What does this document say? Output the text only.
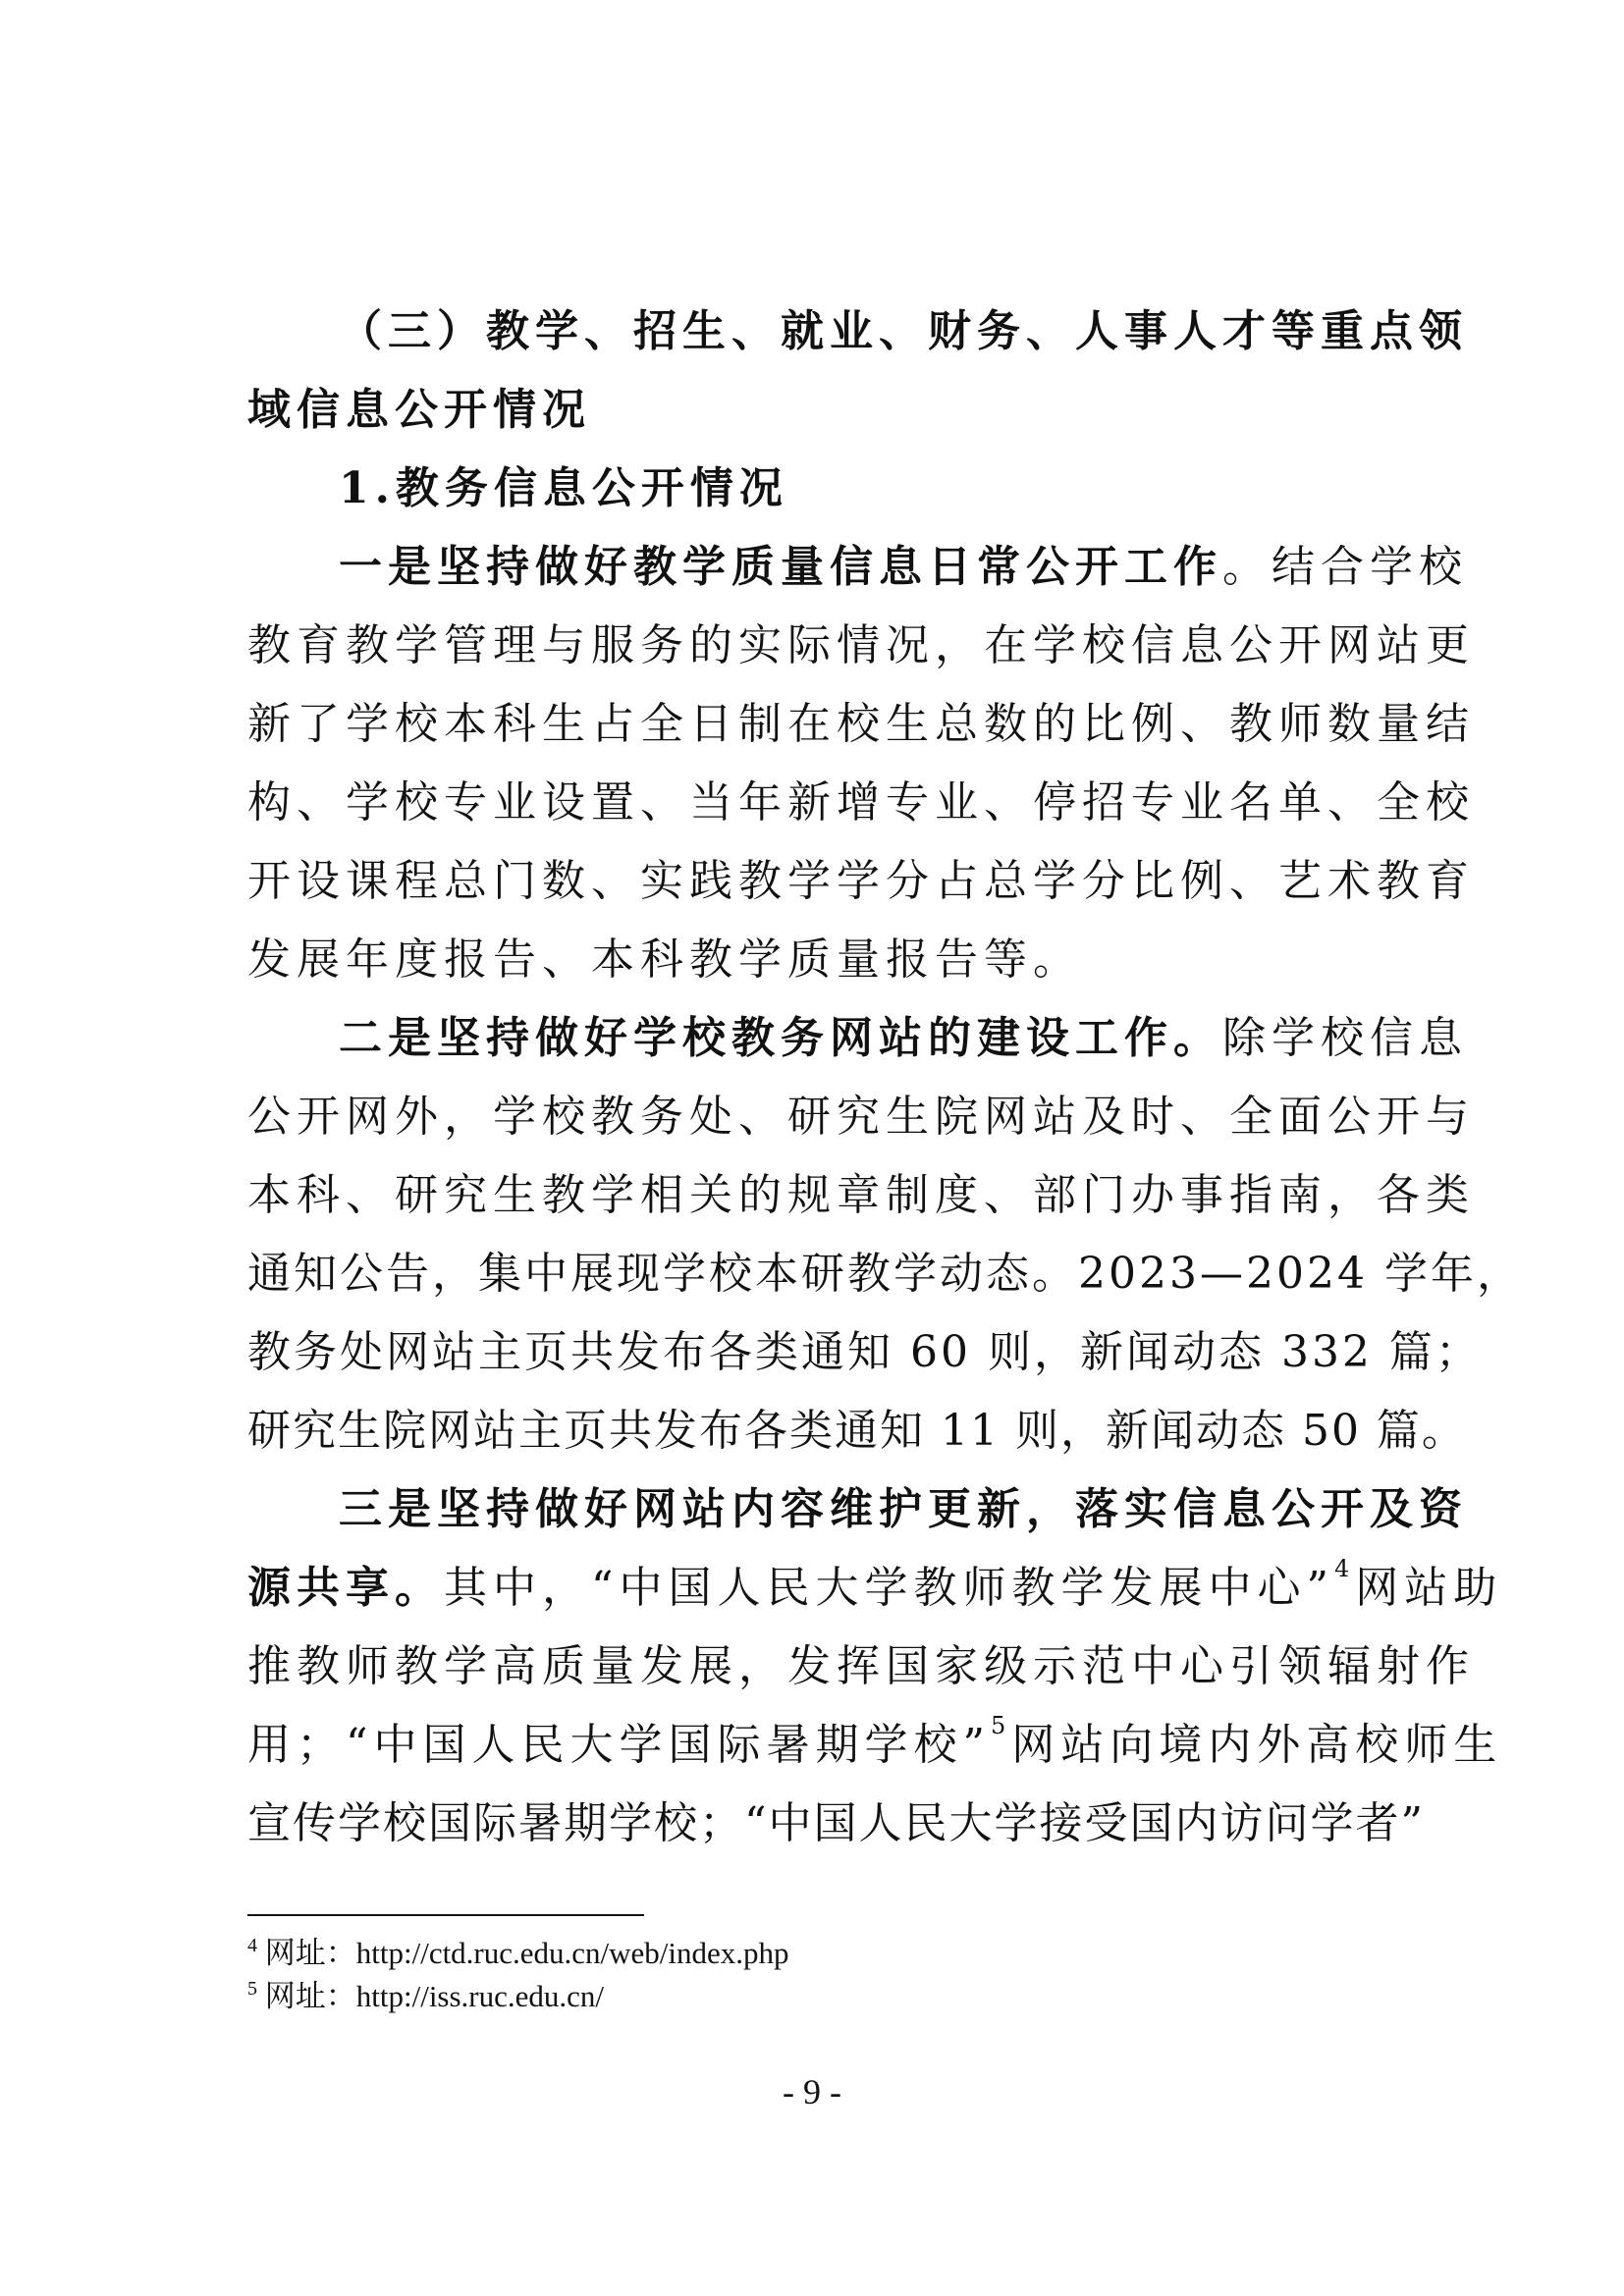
（三）教学、招生、就业、财务、人事人才等重点领
域信息公开情况
1.教务信息公开情况
一是坚持做好教学质量信息日常公开工作。结合学校
教育教学管理与服务的实际情况，在学校信息公开网站更
新了学校本科生占全日制在校生总数的比例、教师数量结
构、学校专业设置、当年新增专业、停招专业名单、全校
开设课程总门数、实践教学学分占总学分比例、艺术教育
发展年度报告、本科教学质量报告等。
二是坚持做好学校教务网站的建设工作。除学校信息
公开网外，学校教务处、研究生院网站及时、全面公开与
本科、研究生教学相关的规章制度、部门办事指南，各类
通知公告，集中展现学校本研教学动态。2023—2024 学年，
教务处网站主页共发布各类通知 60 则，新闻动态 332 篇；
研究生院网站主页共发布各类通知 11 则，新闻动态 50 篇。
三是坚持做好网站内容维护更新，落实信息公开及资
源共享。其中，“中国人民大学教师教学发展中心”$^4$网站助
推教师教学高质量发展，发挥国家级示范中心引领辐射作
用；“中国人民大学国际暑期学校”$^5$网站向境内外高校师生
宣传学校国际暑期学校；“中国人民大学接受国内访问学者”
$^4$ 网址：http://ctd.ruc.edu.cn/web/index.php
$^5$ 网址：http://iss.ruc.edu.cn/
- 9 -
